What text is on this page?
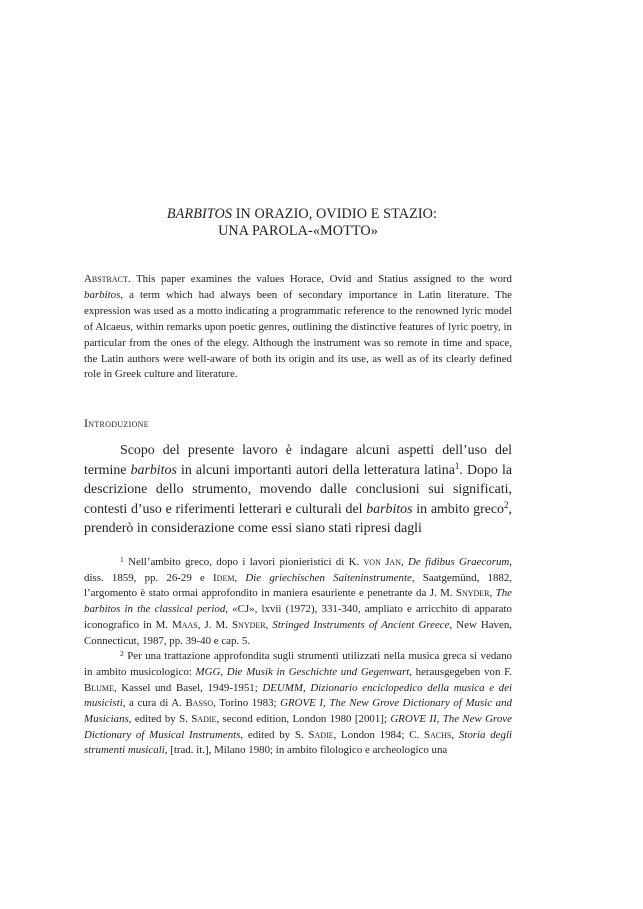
BARBITOS IN ORAZIO, OVIDIO E STAZIO:
UNA PAROLA-«MOTTO»

Abstract. This paper examines the values Horace, Ovid and Statius assigned to the word barbitos, a term which had always been of secondary importance in Latin literature. The expression was used as a motto indicating a programmatic reference to the renowned lyric model of Alcaeus, within remarks upon poetic genres, outlining the distinctive features of lyric poetry, in particular from the ones of the elegy. Although the instrument was so remote in time and space, the Latin authors were well-aware of both its origin and its use, as well as of its clearly defined role in Greek culture and literature.

Introduzione

Scopo del presente lavoro è indagare alcuni aspetti dell’uso del termine barbitos in alcuni importanti autori della letteratura latina$^1$. Dopo la descrizione dello strumento, movendo dalle conclusioni sui significati, contesti d’uso e riferimenti letterari e culturali del barbitos in ambito greco$^2$, prenderò in considerazione come essi siano stati ripresi dagli

$^1$ Nell’ambito greco, dopo i lavori pionieristici di K. von Jan, De fidibus Graecorum, diss. 1859, pp. 26-29 e Idem, Die griechischen Saiteninstrumente, Saatgemünd, 1882, l’argomento è stato ormai approfondito in maniera esauriente e penetrante da J. M. Snyder, The barbitos in the classical period, «CJ», lxvii (1972), 331-340, ampliato e arricchito di apparato iconografico in M. Maas, J. M. Snyder, Stringed Instruments of Ancient Greece, New Haven, Connecticut, 1987, pp. 39-40 e cap. 5.

$^2$ Per una trattazione approfondita sugli strumenti utilizzati nella musica greca si vedano in ambito musicologico: MGG, Die Musik in Geschichte und Gegenwart, herausgegeben von F. Blume, Kassel und Basel, 1949-1951; DEUMM, Dizionario enciclopedico della musica e dei musicisti, a cura di A. Basso, Torino 1983; GROVE I, The New Grove Dictionary of Music and Musicians, edited by S. Sadie, second edition, London 1980 [2001]; GROVE II, The New Grove Dictionary of Musical Instruments, edited by S. Sadie, London 1984; C. Sachs, Storia degli strumenti musicali, [trad. it.], Milano 1980; in ambito filologico e archeologico una
